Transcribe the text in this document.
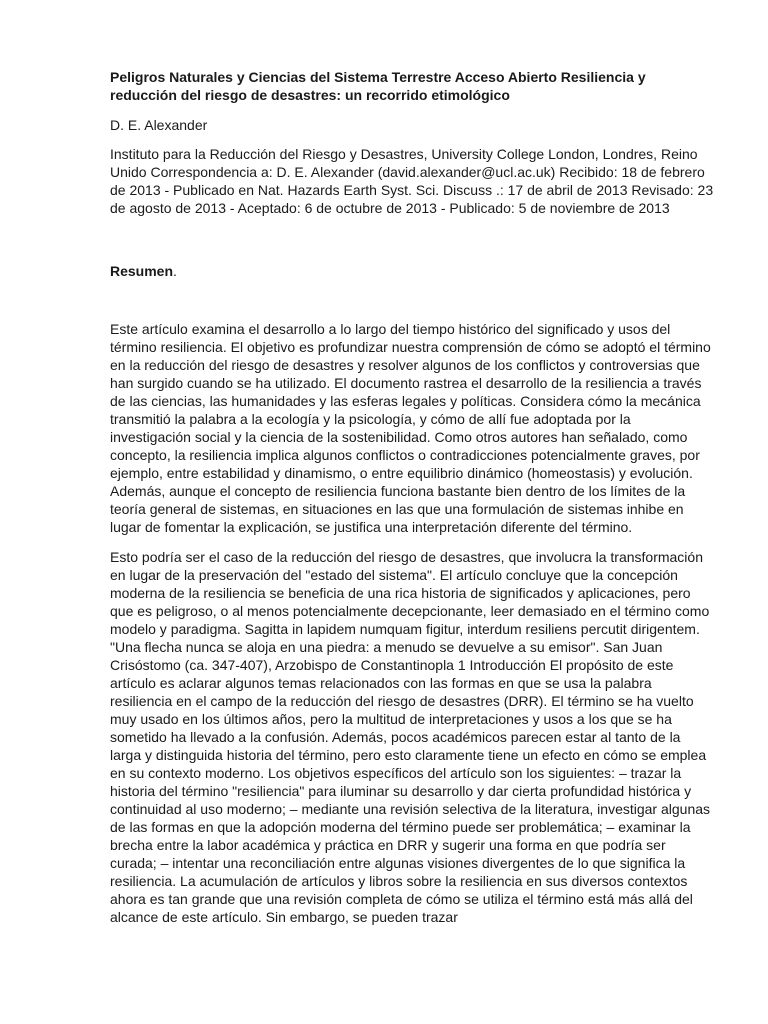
Peligros Naturales y Ciencias del Sistema Terrestre Acceso Abierto Resiliencia y reducción del riesgo de desastres: un recorrido etimológico

D. E. Alexander

Instituto para la Reducción del Riesgo y Desastres, University College London, Londres, Reino Unido Correspondencia a: D. E. Alexander (david.alexander@ucl.ac.uk) Recibido: 18 de febrero de 2013 - Publicado en Nat. Hazards Earth Syst. Sci. Discuss .: 17 de abril de 2013 Revisado: 23 de agosto de 2013 - Aceptado: 6 de octubre de 2013 - Publicado: 5 de noviembre de 2013

Resumen.

Este artículo examina el desarrollo a lo largo del tiempo histórico del significado y usos del término resiliencia. El objetivo es profundizar nuestra comprensión de cómo se adoptó el término en la reducción del riesgo de desastres y resolver algunos de los conflictos y controversias que han surgido cuando se ha utilizado. El documento rastrea el desarrollo de la resiliencia a través de las ciencias, las humanidades y las esferas legales y políticas. Considera cómo la mecánica transmitió la palabra a la ecología y la psicología, y cómo de allí fue adoptada por la investigación social y la ciencia de la sostenibilidad. Como otros autores han señalado, como concepto, la resiliencia implica algunos conflictos o contradicciones potencialmente graves, por ejemplo, entre estabilidad y dinamismo, o entre equilibrio dinámico (homeostasis) y evolución. Además, aunque el concepto de resiliencia funciona bastante bien dentro de los límites de la teoría general de sistemas, en situaciones en las que una formulación de sistemas inhibe en lugar de fomentar la explicación, se justifica una interpretación diferente del término.

Esto podría ser el caso de la reducción del riesgo de desastres, que involucra la transformación en lugar de la preservación del "estado del sistema". El artículo concluye que la concepción moderna de la resiliencia se beneficia de una rica historia de significados y aplicaciones, pero que es peligroso, o al menos potencialmente decepcionante, leer demasiado en el término como modelo y paradigma. Sagitta in lapidem numquam figitur, interdum resiliens percutit dirigentem. "Una flecha nunca se aloja en una piedra: a menudo se devuelve a su emisor". San Juan Crisóstomo (ca. 347-407), Arzobispo de Constantinopla 1 Introducción El propósito de este artículo es aclarar algunos temas relacionados con las formas en que se usa la palabra resiliencia en el campo de la reducción del riesgo de desastres (DRR). El término se ha vuelto muy usado en los últimos años, pero la multitud de interpretaciones y usos a los que se ha sometido ha llevado a la confusión. Además, pocos académicos parecen estar al tanto de la larga y distinguida historia del término, pero esto claramente tiene un efecto en cómo se emplea en su contexto moderno. Los objetivos específicos del artículo son los siguientes: – trazar la historia del término "resiliencia" para iluminar su desarrollo y dar cierta profundidad histórica y continuidad al uso moderno; – mediante una revisión selectiva de la literatura, investigar algunas de las formas en que la adopción moderna del término puede ser problemática; – examinar la brecha entre la labor académica y práctica en DRR y sugerir una forma en que podría ser curada; – intentar una reconciliación entre algunas visiones divergentes de lo que significa la resiliencia. La acumulación de artículos y libros sobre la resiliencia en sus diversos contextos ahora es tan grande que una revisión completa de cómo se utiliza el término está más allá del alcance de este artículo. Sin embargo, se pueden trazar
